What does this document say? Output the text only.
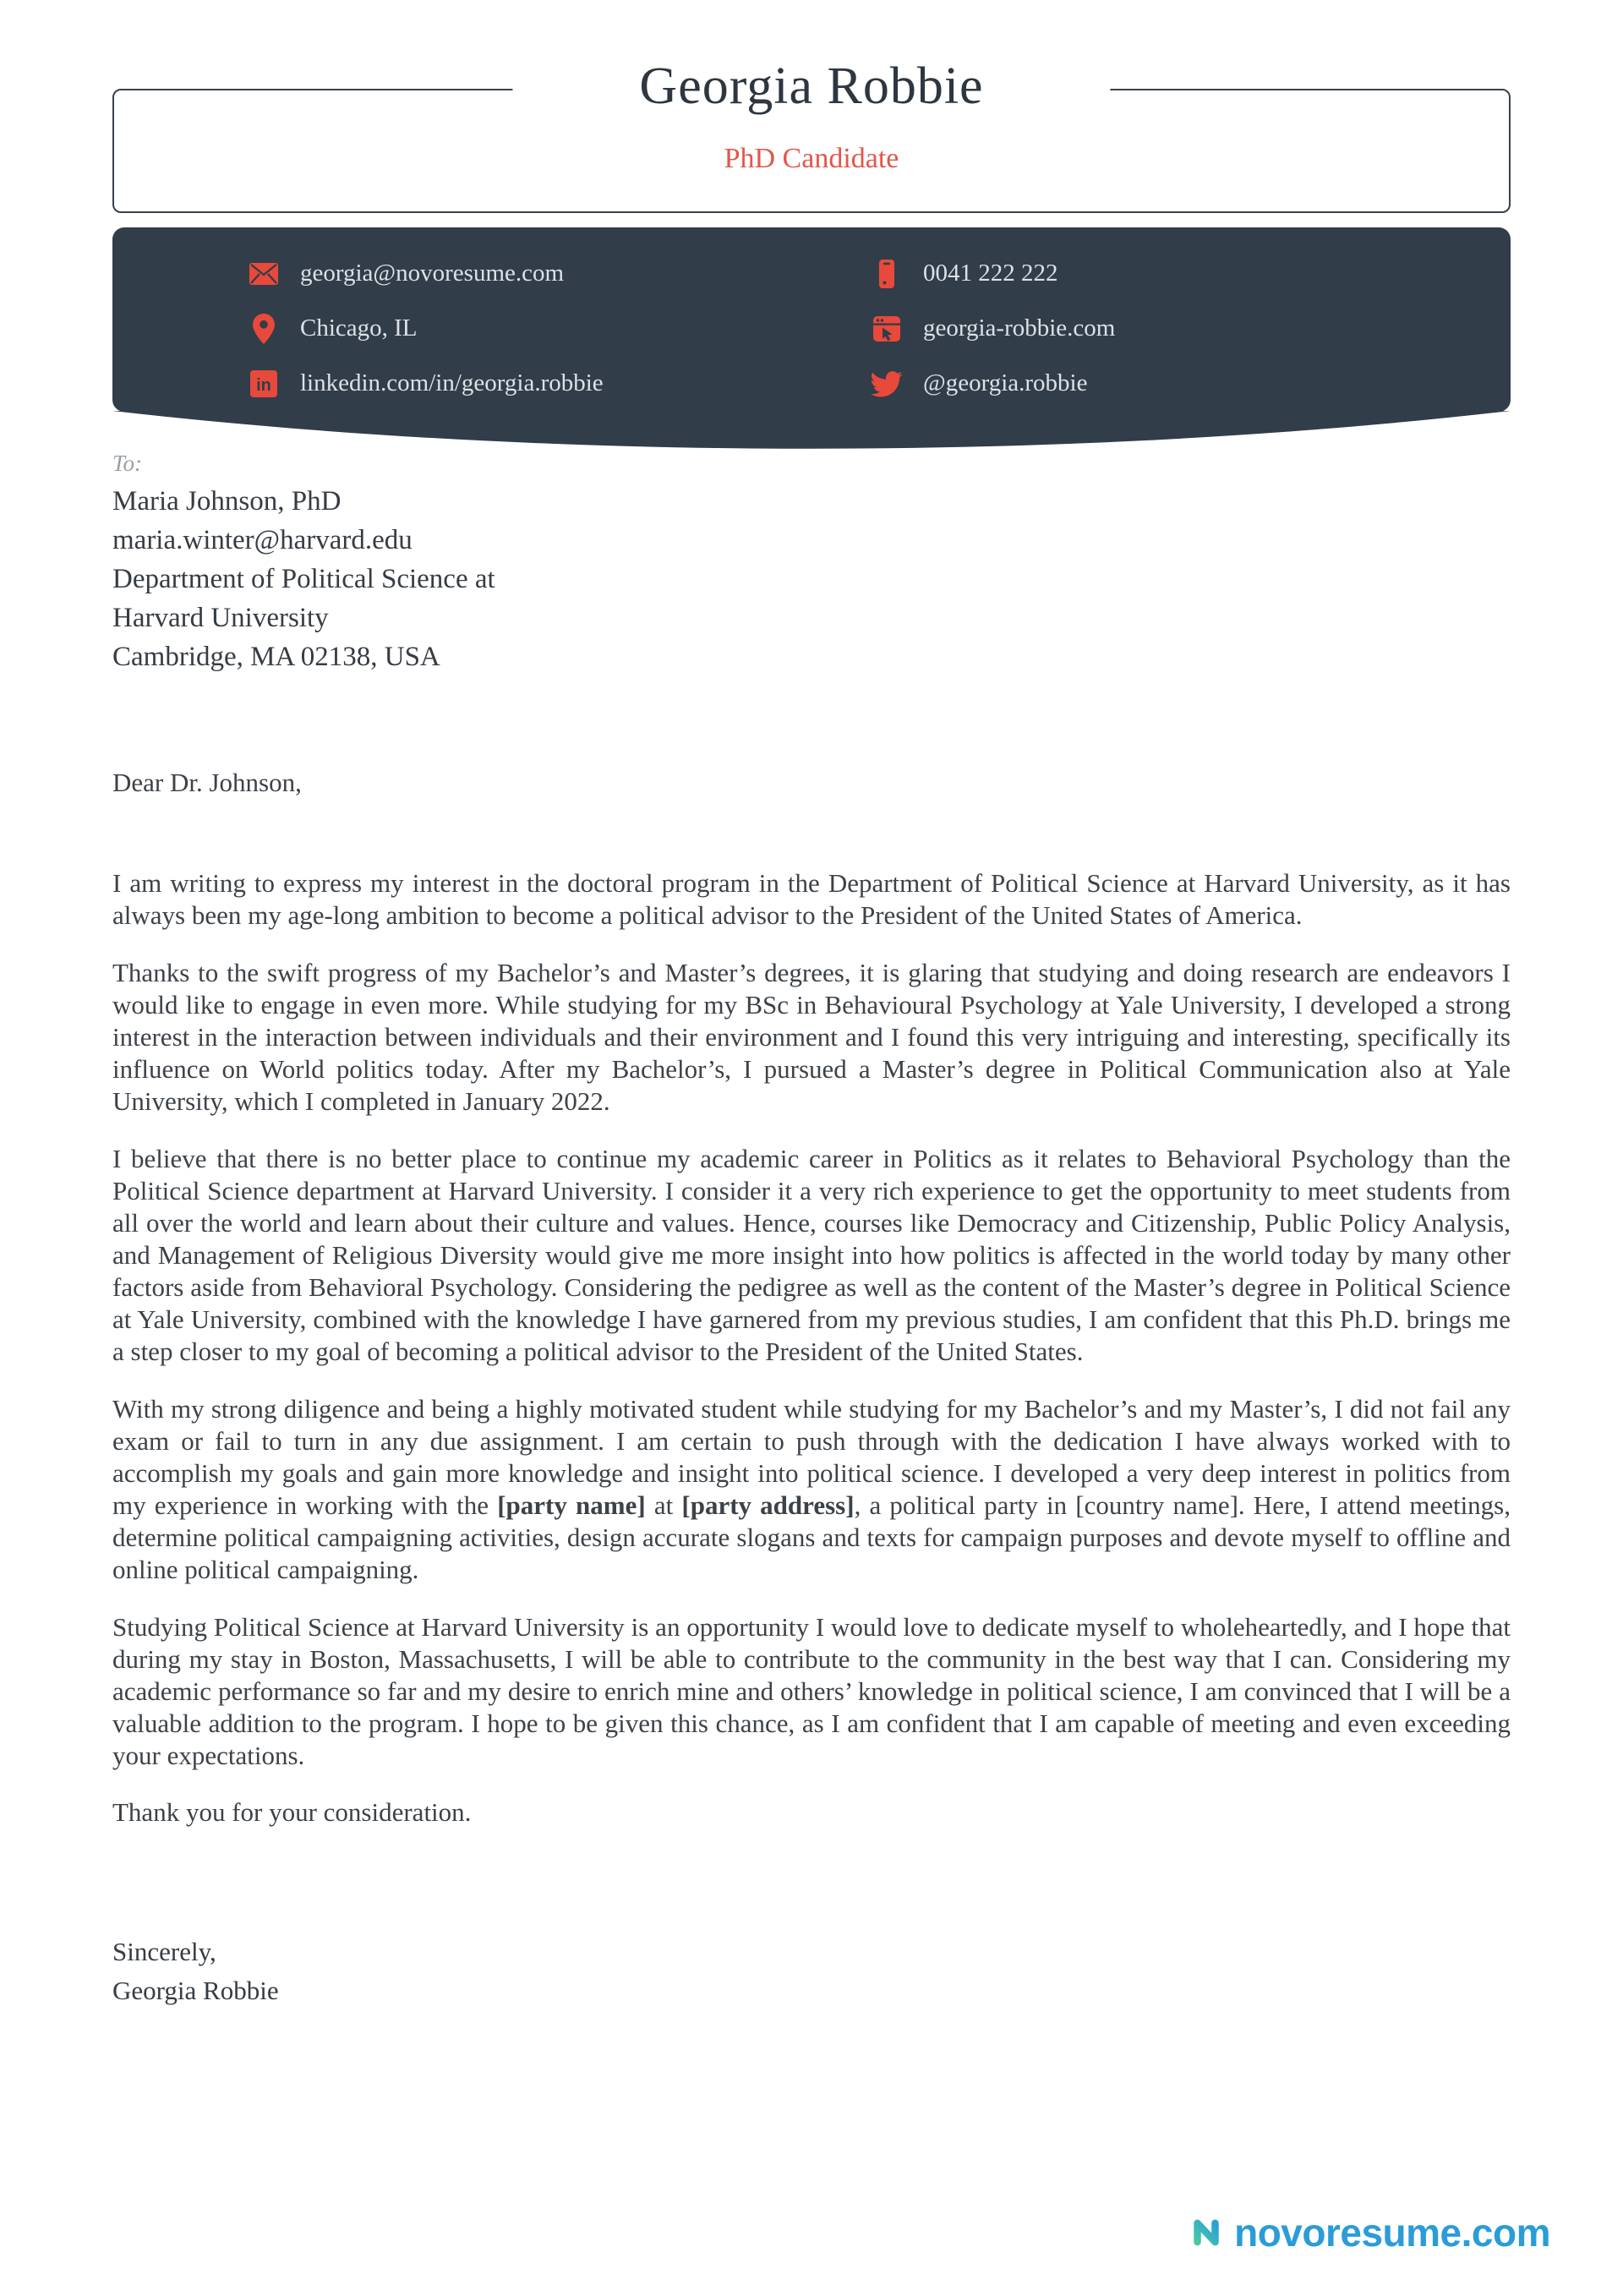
Georgia Robbie
PhD Candidate
georgia@novoresume.com
Chicago, IL
in linkedin.com/in/georgia.robbie
0041 222 222
georgia-robbie.com
@georgia.robbie
To:
Maria Johnson, PhD
maria.winter@harvard.edu
Department of Political Science at
Harvard University
Cambridge, MA 02138, USA

Dear Dr. Johnson,

I am writing to express my interest in the doctoral program in the Department of Political Science at Harvard University, as it has always been my age-long ambition to become a political advisor to the President of the United States of America.

Thanks to the swift progress of my Bachelor’s and Master’s degrees, it is glaring that studying and doing research are endeavors I would like to engage in even more. While studying for my BSc in Behavioural Psychology at Yale University, I developed a strong interest in the interaction between individuals and their environment and I found this very intriguing and interesting, specifically its influence on World politics today. After my Bachelor’s, I pursued a Master’s degree in Political Communication also at Yale University, which I completed in January 2022.

I believe that there is no better place to continue my academic career in Politics as it relates to Behavioral Psychology than the Political Science department at Harvard University. I consider it a very rich experience to get the opportunity to meet students from all over the world and learn about their culture and values. Hence, courses like Democracy and Citizenship, Public Policy Analysis, and Management of Religious Diversity would give me more insight into how politics is affected in the world today by many other factors aside from Behavioral Psychology. Considering the pedigree as well as the content of the Master’s degree in Political Science at Yale University, combined with the knowledge I have garnered from my previous studies, I am confident that this Ph.D. brings me a step closer to my goal of becoming a political advisor to the President of the United States.

With my strong diligence and being a highly motivated student while studying for my Bachelor’s and my Master’s, I did not fail any exam or fail to turn in any due assignment. I am certain to push through with the dedication I have always worked with to accomplish my goals and gain more knowledge and insight into political science. I developed a very deep interest in politics from my experience in working with the [party name] at [party address], a political party in [country name]. Here, I attend meetings, determine political campaigning activities, design accurate slogans and texts for campaign purposes and devote myself to offline and online political campaigning.

Studying Political Science at Harvard University is an opportunity I would love to dedicate myself to wholeheartedly, and I hope that during my stay in Boston, Massachusetts, I will be able to contribute to the community in the best way that I can. Considering my academic performance so far and my desire to enrich mine and others’ knowledge in political science, I am convinced that I will be a valuable addition to the program. I hope to be given this chance, as I am confident that I am capable of meeting and even exceeding your expectations.

Thank you for your consideration.

Sincerely,
Georgia Robbie
novoresume.com
